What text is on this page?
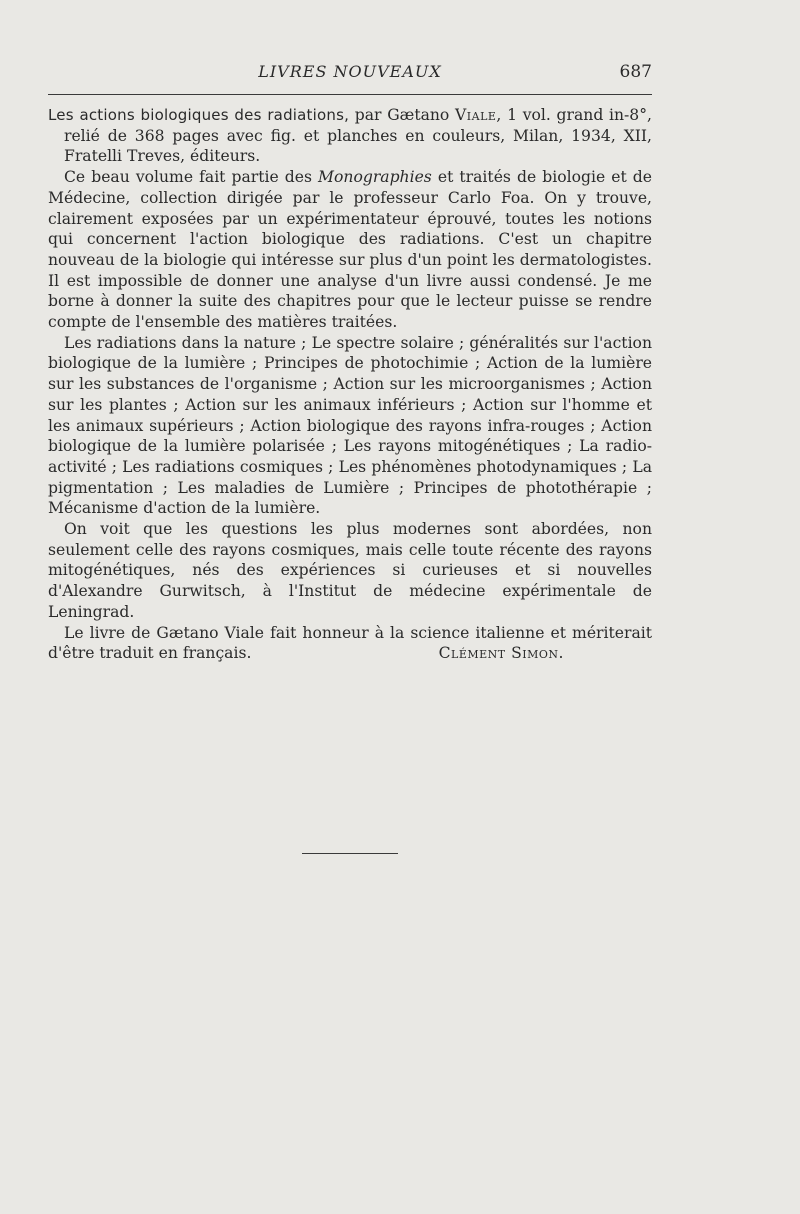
LIVRES NOUVEAUX	687

Les actions biologiques des radiations, par Gætano Viale, 1 vol. grand in-8°, relié de 368 pages avec fig. et planches en couleurs, Milan, 1934, XII, Fratelli Treves, éditeurs.

Ce beau volume fait partie des Monographies et traités de biologie et de Médecine, collection dirigée par le professeur Carlo Foa. On y trouve, clairement exposées par un expérimentateur éprouvé, toutes les notions qui concernent l'action biologique des radiations. C'est un chapitre nouveau de la biologie qui intéresse sur plus d'un point les dermatologistes. Il est impossible de donner une analyse d'un livre aussi condensé. Je me borne à donner la suite des chapitres pour que le lecteur puisse se rendre compte de l'ensemble des matières traitées.

Les radiations dans la nature ; Le spectre solaire ; généralités sur l'action biologique de la lumière ; Principes de photochimie ; Action de la lumière sur les substances de l'organisme ; Action sur les microorganismes ; Action sur les plantes ; Action sur les animaux inférieurs ; Action sur l'homme et les animaux supérieurs ; Action biologique des rayons infra-rouges ; Action biologique de la lumière polarisée ; Les rayons mitogénétiques ; La radio-activité ; Les radiations cosmiques ; Les phénomènes photodynamiques ; La pigmentation ; Les maladies de Lumière ; Principes de photothérapie ; Mécanisme d'action de la lumière.

On voit que les questions les plus modernes sont abordées, non seulement celle des rayons cosmiques, mais celle toute récente des rayons mitogénétiques, nés des expériences si curieuses et si nouvelles d'Alexandre Gurwitsch, à l'Institut de médecine expérimentale de Leningrad.

Le livre de Gætano Viale fait honneur à la science italienne et mériterait d'être traduit en français.	Clément Simon.
